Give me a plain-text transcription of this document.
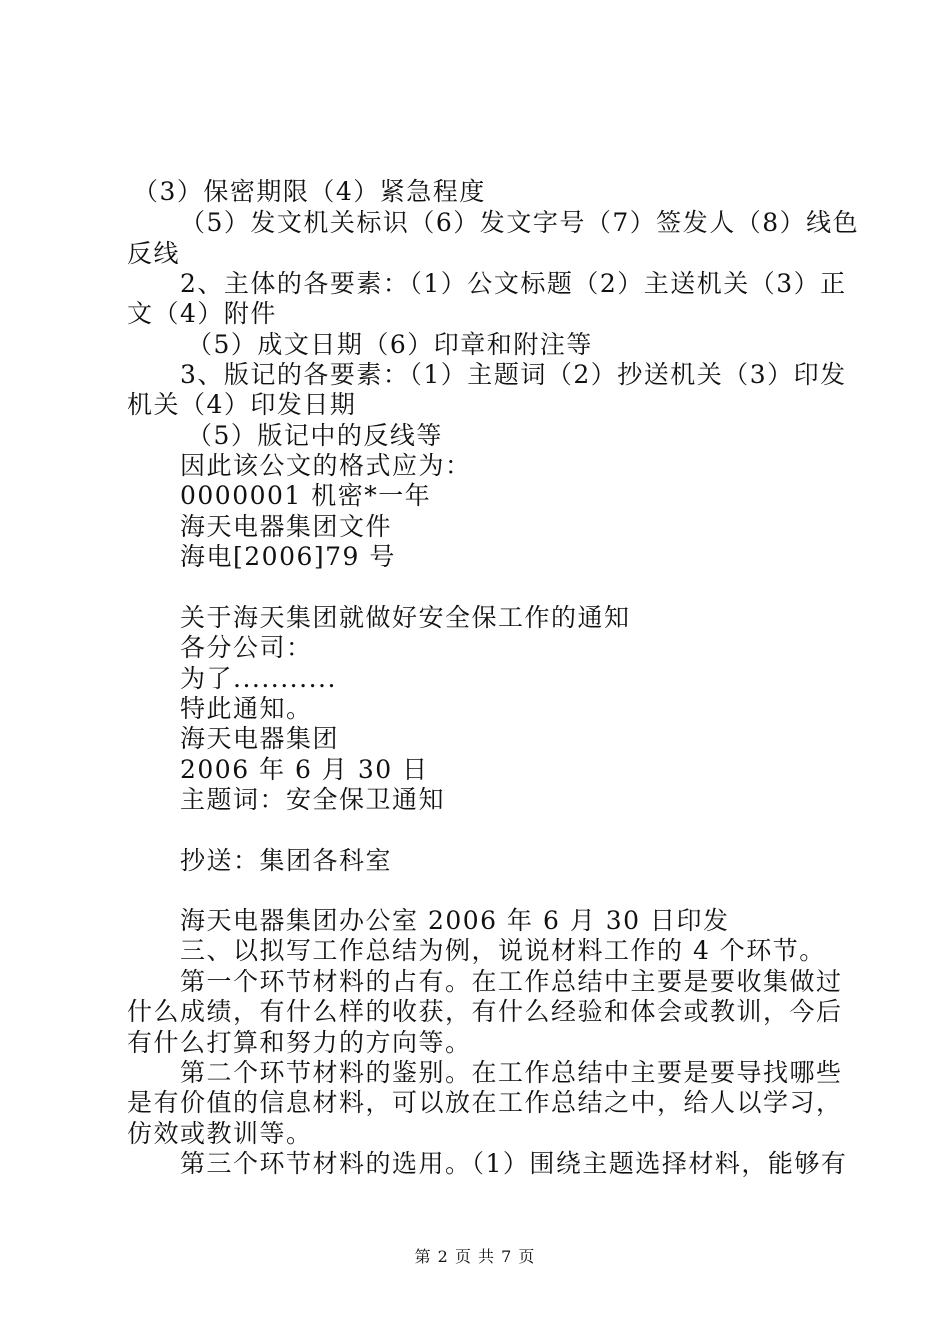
（3）保密期限（4）紧急程度
（5）发文机关标识（6）发文字号（7）签发人（8）线色
反线
2、主体的各要素：（1）公文标题（2）主送机关（3）正
文（4）附件
（5）成文日期（6）印章和附注等
3、版记的各要素：（1）主题词（2）抄送机关（3）印发
机关（4）印发日期
（5）版记中的反线等
因此该公文的格式应为：
0000001 机密*一年
海天电器集团文件
海电[2006]79 号
关于海天集团就做好安全保工作的通知
各分公司：
为了...........
特此通知。
海天电器集团
2006 年 6 月 30 日
主题词：安全保卫通知
抄送：集团各科室
海天电器集团办公室 2006 年 6 月 30 日印发
三、以拟写工作总结为例，说说材料工作的 4 个环节。
第一个环节材料的占有。在工作总结中主要是要收集做过
什么成绩，有什么样的收获，有什么经验和体会或教训，今后
有什么打算和努力的方向等。
第二个环节材料的鉴别。在工作总结中主要是要导找哪些
是有价值的信息材料，可以放在工作总结之中，给人以学习，
仿效或教训等。
第三个环节材料的选用。（1）围绕主题选择材料，能够有
第 2 页 共 7 页
